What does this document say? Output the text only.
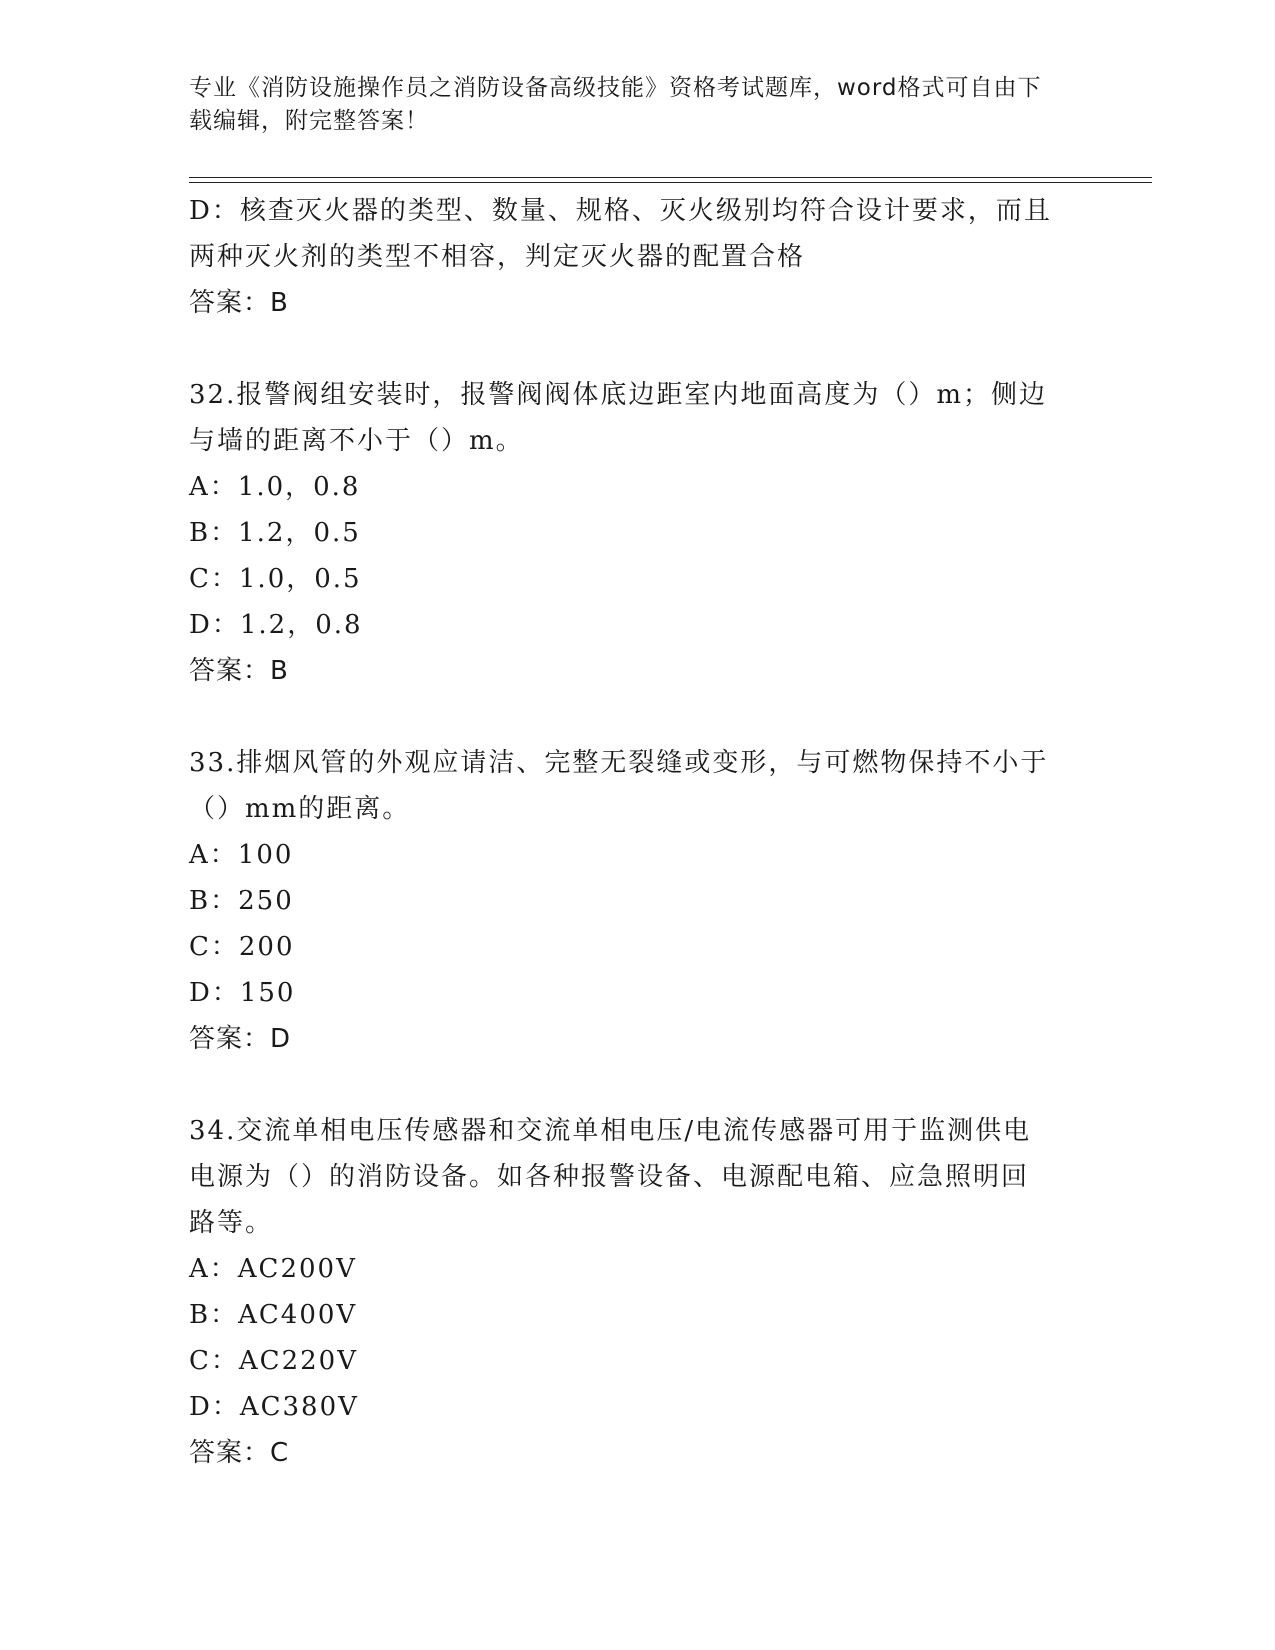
专业《消防设施操作员之消防设备高级技能》资格考试题库，word格式可自由下
载编辑，附完整答案！
D：核查灭火器的类型、数量、规格、灭火级别均符合设计要求，而且
两种灭火剂的类型不相容，判定灭火器的配置合格
答案：B
32.报警阀组安装时，报警阀阀体底边距室内地面高度为（）m；侧边
与墙的距离不小于（）m。
A：1.0，0.8
B：1.2，0.5
C：1.0，0.5
D：1.2，0.8
答案：B
33.排烟风管的外观应请洁、完整无裂缝或变形，与可燃物保持不小于
（）mm的距离。
A：100
B：250
C：200
D：150
答案：D
34.交流单相电压传感器和交流单相电压/电流传感器可用于监测供电
电源为（）的消防设备。如各种报警设备、电源配电箱、应急照明回
路等。
A：AC200V
B：AC400V
C：AC220V
D：AC380V
答案：C
